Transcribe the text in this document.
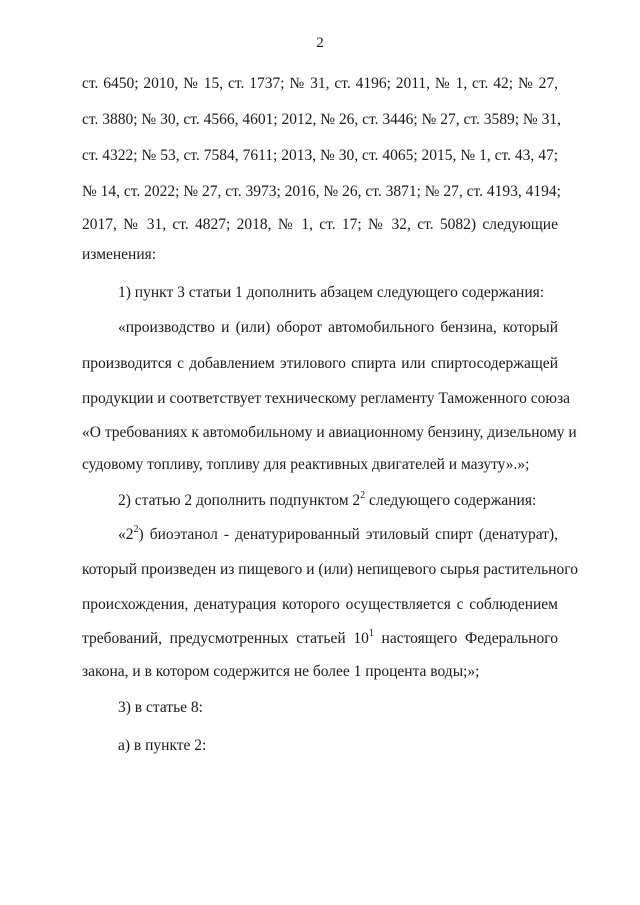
2
ст. 6450; 2010, № 15, ст. 1737; № 31, ст. 4196; 2011, № 1, ст. 42; № 27,
ст. 3880; № 30, ст. 4566, 4601; 2012, № 26, ст. 3446; № 27, ст. 3589; № 31,
ст. 4322; № 53, ст. 7584, 7611; 2013, № 30, ст. 4065; 2015, № 1, ст. 43, 47;
№ 14, ст. 2022; № 27, ст. 3973; 2016, № 26, ст. 3871; № 27, ст. 4193, 4194;
2017, № 31, ст. 4827; 2018, № 1, ст. 17; № 32, ст. 5082) следующие
изменения:
1) пункт 3 статьи 1 дополнить абзацем следующего содержания:
«производство и (или) оборот автомобильного бензина, который
производится с добавлением этилового спирта или спиртосодержащей
продукции и соответствует техническому регламенту Таможенного союза
«О требованиях к автомобильному и авиационному бензину, дизельному и
судовому топливу, топливу для реактивных двигателей и мазуту».»;
2) статью 2 дополнить подпунктом $2^2$ следующего содержания:
«$2^2$) биоэтанол - денатурированный этиловый спирт (денатурат),
который произведен из пищевого и (или) непищевого сырья растительного
происхождения, денатурация которого осуществляется с соблюдением
требований, предусмотренных статьей $10^1$ настоящего Федерального
закона, и в котором содержится не более 1 процента воды;»;
3) в статье 8:
а) в пункте 2:
